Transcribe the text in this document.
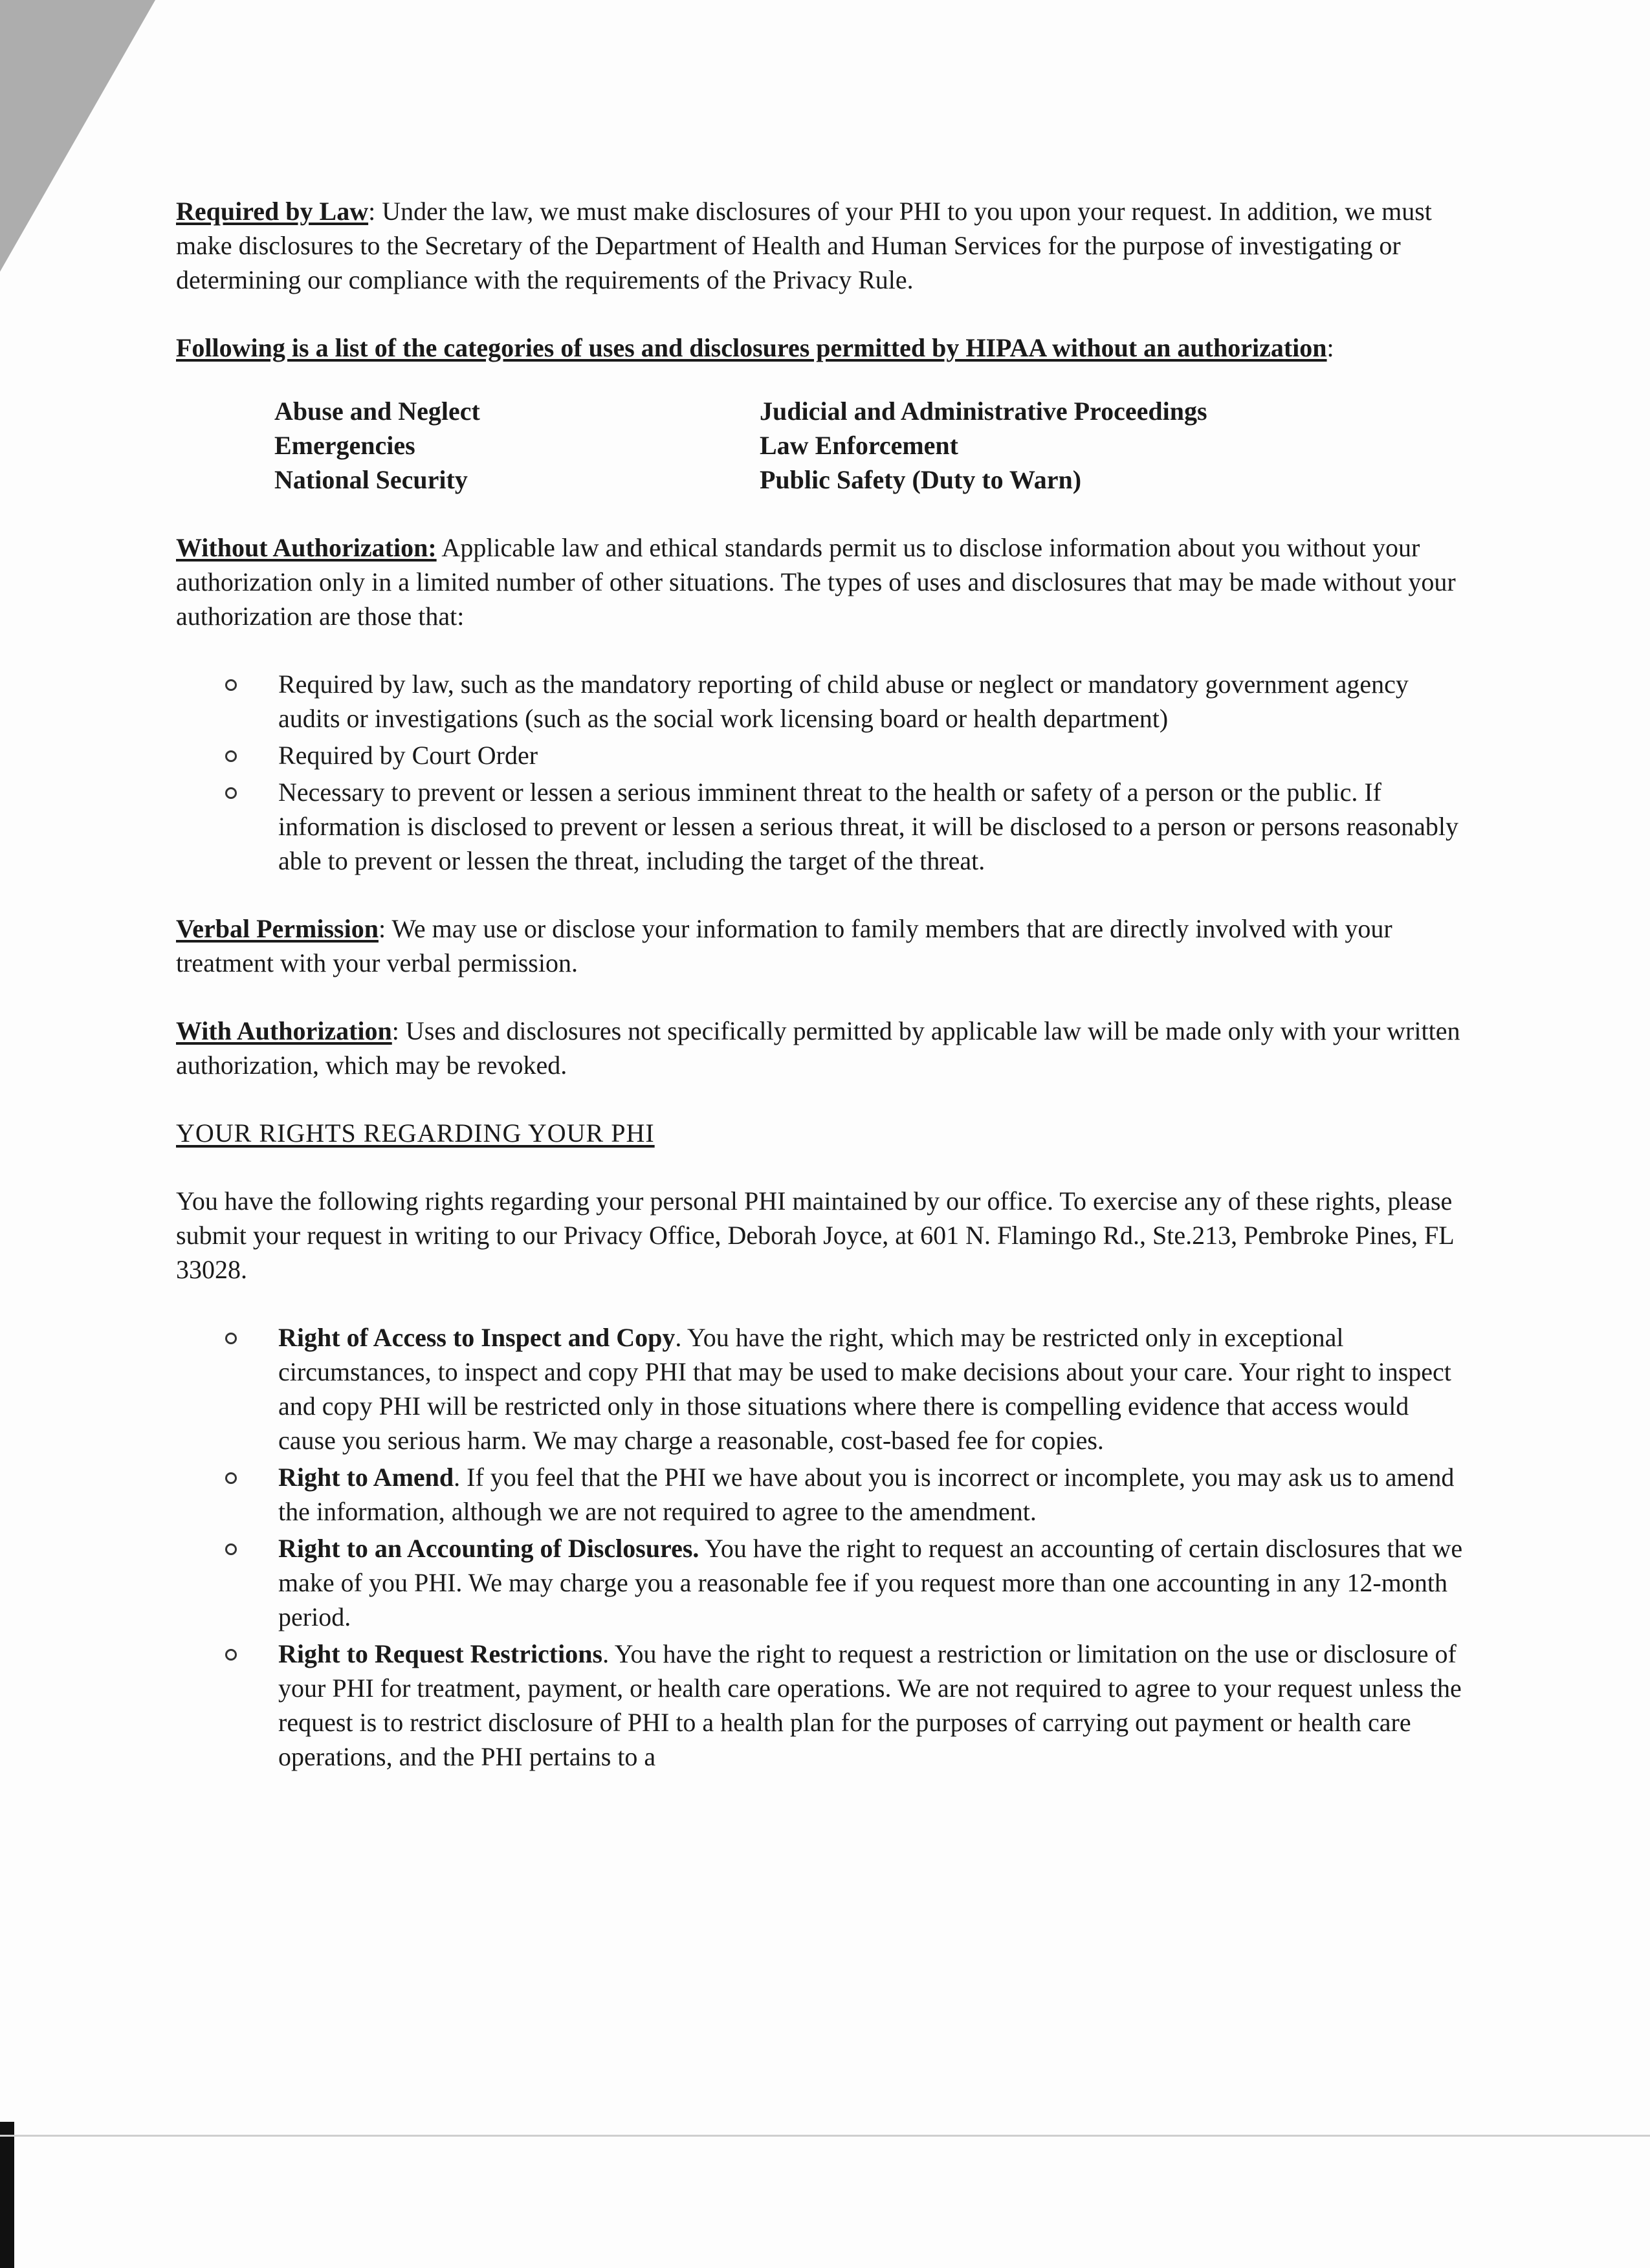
Required by Law: Under the law, we must make disclosures of your PHI to you upon your request. In addition, we must make disclosures to the Secretary of the Department of Health and Human Services for the purpose of investigating or determining our compliance with the requirements of the Privacy Rule.

Following is a list of the categories of uses and disclosures permitted by HIPAA without an authorization:

Abuse and Neglect	Judicial and Administrative Proceedings
Emergencies	Law Enforcement
National Security	Public Safety (Duty to Warn)

Without Authorization: Applicable law and ethical standards permit us to disclose information about you without your authorization only in a limited number of other situations. The types of uses and disclosures that may be made without your authorization are those that:

Required by law, such as the mandatory reporting of child abuse or neglect or mandatory government agency audits or investigations (such as the social work licensing board or health department)
Required by Court Order
Necessary to prevent or lessen a serious imminent threat to the health or safety of a person or the public. If information is disclosed to prevent or lessen a serious threat, it will be disclosed to a person or persons reasonably able to prevent or lessen the threat, including the target of the threat.

Verbal Permission: We may use or disclose your information to family members that are directly involved with your treatment with your verbal permission.

With Authorization: Uses and disclosures not specifically permitted by applicable law will be made only with your written authorization, which may be revoked.

YOUR RIGHTS REGARDING YOUR PHI

You have the following rights regarding your personal PHI maintained by our office. To exercise any of these rights, please submit your request in writing to our Privacy Office, Deborah Joyce, at 601 N. Flamingo Rd., Ste.213, Pembroke Pines, FL 33028.

Right of Access to Inspect and Copy. You have the right, which may be restricted only in exceptional circumstances, to inspect and copy PHI that may be used to make decisions about your care. Your right to inspect and copy PHI will be restricted only in those situations where there is compelling evidence that access would cause you serious harm. We may charge a reasonable, cost-based fee for copies.
Right to Amend. If you feel that the PHI we have about you is incorrect or incomplete, you may ask us to amend the information, although we are not required to agree to the amendment.
Right to an Accounting of Disclosures. You have the right to request an accounting of certain disclosures that we make of you PHI. We may charge you a reasonable fee if you request more than one accounting in any 12-month period.
Right to Request Restrictions. You have the right to request a restriction or limitation on the use or disclosure of your PHI for treatment, payment, or health care operations. We are not required to agree to your request unless the request is to restrict disclosure of PHI to a health plan for the purposes of carrying out payment or health care operations, and the PHI pertains to a
